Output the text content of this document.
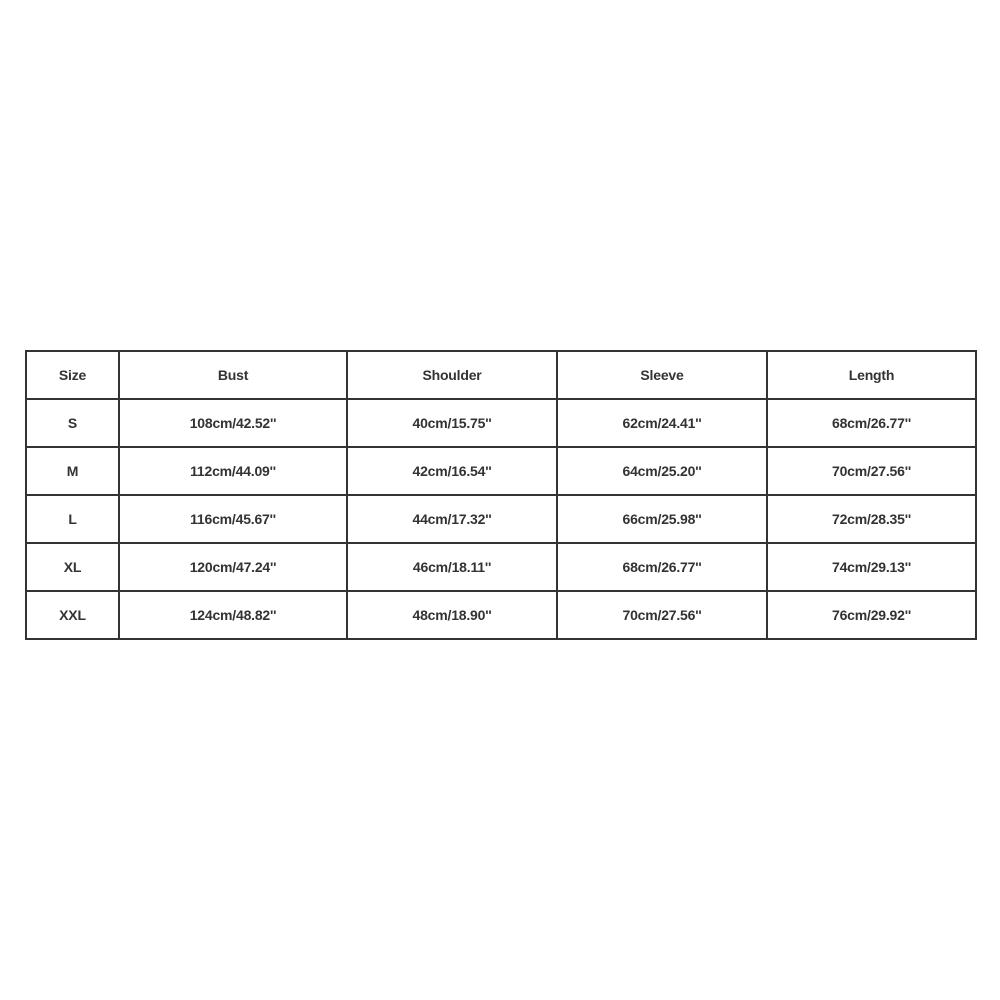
Size	Bust	Shoulder	Sleeve	Length
S	108cm/42.52''	40cm/15.75''	62cm/24.41''	68cm/26.77''
M	112cm/44.09''	42cm/16.54''	64cm/25.20''	70cm/27.56''
L	116cm/45.67''	44cm/17.32''	66cm/25.98''	72cm/28.35''
XL	120cm/47.24''	46cm/18.11''	68cm/26.77''	74cm/29.13''
XXL	124cm/48.82''	48cm/18.90''	70cm/27.56''	76cm/29.92''
